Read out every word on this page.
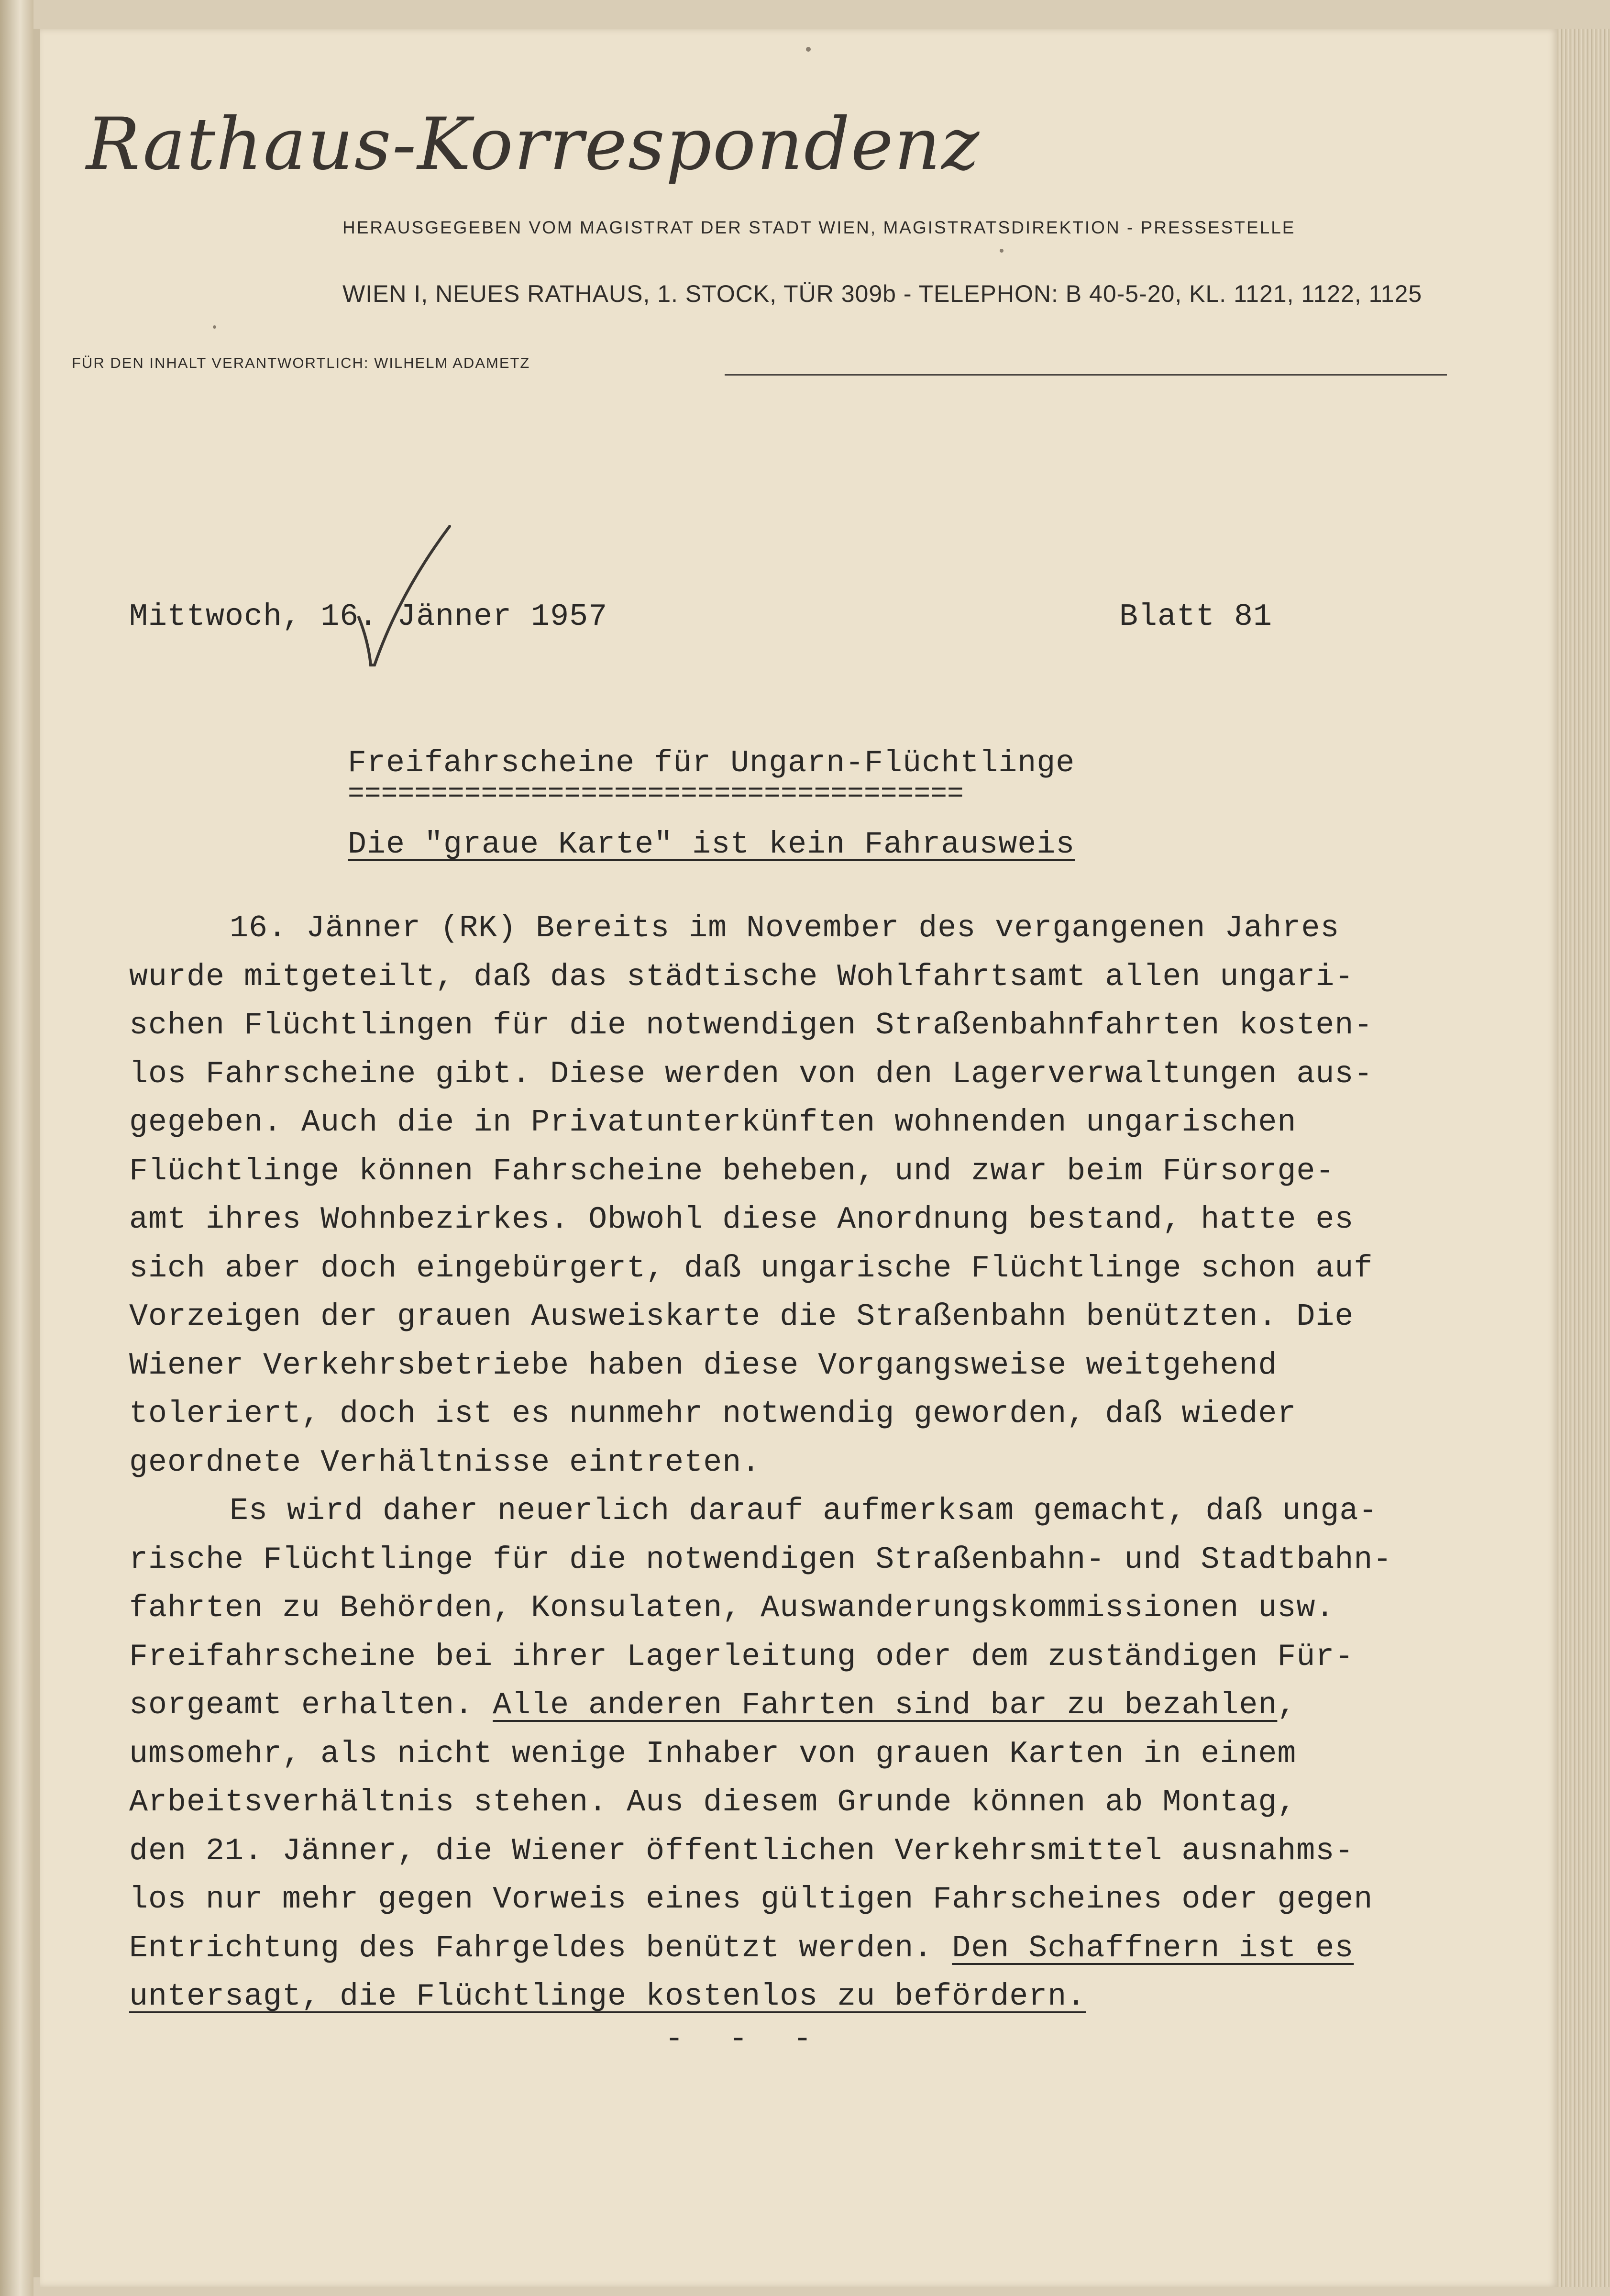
Rathaus-Korrespondenz
HERAUSGEGEBEN VOM MAGISTRAT DER STADT WIEN, MAGISTRATSDIREKTION - PRESSESTELLE
WIEN I, NEUES RATHAUS, 1. STOCK, TÜR 309b - TELEPHON: B 40-5-20, KL. 1121, 1122, 1125
FÜR DEN INHALT VERANTWORTLICH: WILHELM ADAMETZ
Mittwoch, 16. Jänner 1957	Blatt 81
Freifahrscheine für Ungarn-Flüchtlinge
=====================================
Die "graue Karte" ist kein Fahrausweis
16. Jänner (RK) Bereits im November des vergangenen Jahres
wurde mitgeteilt, daß das städtische Wohlfahrtsamt allen ungari-
schen Flüchtlingen für die notwendigen Straßenbahnfahrten kosten-
los Fahrscheine gibt. Diese werden von den Lagerverwaltungen aus-
gegeben. Auch die in Privatunterkünften wohnenden ungarischen
Flüchtlinge können Fahrscheine beheben, und zwar beim Fürsorge-
amt ihres Wohnbezirkes. Obwohl diese Anordnung bestand, hatte es
sich aber doch eingebürgert, daß ungarische Flüchtlinge schon auf
Vorzeigen der grauen Ausweiskarte die Straßenbahn benützten. Die
Wiener Verkehrsbetriebe haben diese Vorgangsweise weitgehend
toleriert, doch ist es nunmehr notwendig geworden, daß wieder
geordnete Verhältnisse eintreten.
Es wird daher neuerlich darauf aufmerksam gemacht, daß unga-
rische Flüchtlinge für die notwendigen Straßenbahn- und Stadtbahn-
fahrten zu Behörden, Konsulaten, Auswanderungskommissionen usw.
Freifahrscheine bei ihrer Lagerleitung oder dem zuständigen Für-
sorgeamt erhalten. Alle anderen Fahrten sind bar zu bezahlen,
umsomehr, als nicht wenige Inhaber von grauen Karten in einem
Arbeitsverhältnis stehen. Aus diesem Grunde können ab Montag,
den 21. Jänner, die Wiener öffentlichen Verkehrsmittel ausnahms-
los nur mehr gegen Vorweis eines gültigen Fahrscheines oder gegen
Entrichtung des Fahrgeldes benützt werden. Den Schaffnern ist es
untersagt, die Flüchtlinge kostenlos zu befördern.
- - -
